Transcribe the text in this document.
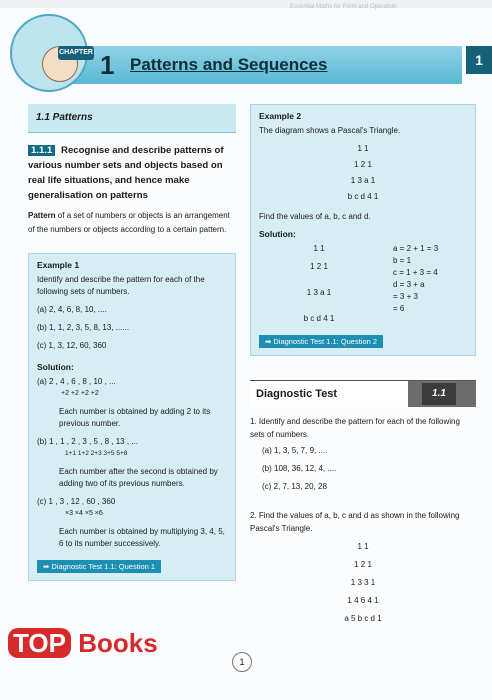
Essential Maths for Form and Operation
CHAPTER 1 Patterns and Sequences	1
1.1 Patterns
1.1.1 Recognise and describe patterns of various number sets and objects based on real life situations, and hence make generalisation on patterns
Pattern of a set of numbers or objects is an arrangement of the numbers or objects according to a certain pattern.
Example 1
Identify and describe the pattern for each of the following sets of numbers.
(a) 2, 4, 6, 8, 10, ....
(b) 1, 1, 2, 3, 5, 8, 13, ......
(c) 1, 3, 12, 60, 360
Solution:
(a) 2 , 4 , 6 , 8 , 10 , ...
+2 +2 +2 +2
Each number is obtained by adding 2 to its previous number.
(b) 1 , 1 , 2 , 3 , 5 , 8 , 13 , ...
1+1 1+2 2+3 3+5 5+8
Each number after the second is obtained by adding two of its previous numbers.
(c) 1 , 3 , 12 , 60 , 360
×3 ×4 ×5 ×6
Each number is obtained by multiplying 3, 4, 5, 6 to its number successively.
➡ Diagnostic Test 1.1: Question 1
Example 2
The diagram shows a Pascal's Triangle.
1 1
1 2 1
1 3 a 1
b c d 4 1
Find the values of a, b, c and d.
Solution:
1 1
1 2 1
1 3 a 1
b c d 4 1
a = 2 + 1 = 3
b = 1
c = 1 + 3 = 4
d = 3 + a
= 3 + 3
= 6
➡ Diagnostic Test 1.1: Question 2
Diagnostic Test	1.1
1. Identify and describe the pattern for each of the following sets of numbers.
(a) 1, 3, 5, 7, 9, ....
(b) 108, 36, 12, 4, ....
(c) 2, 7, 13, 20, 28
2. Find the values of a, b, c and d as shown in the following Pascal's Triangle.
1 1
1 2 1
1 3 3 1
1 4 6 4 1
a 5 b c d 1
TOP Books
1
